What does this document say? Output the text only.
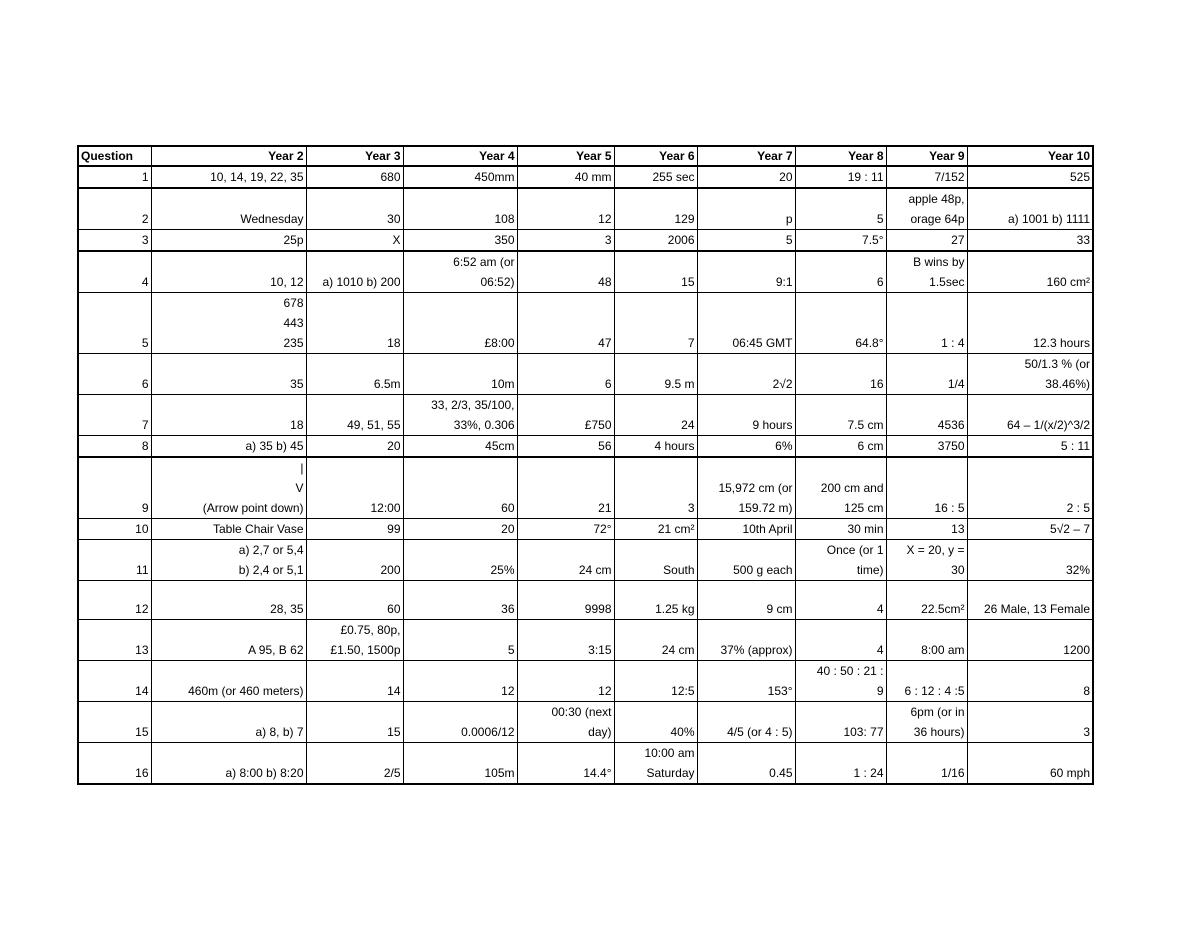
Question	Year 2	Year 3	Year 4	Year 5	Year 6	Year 7	Year 8	Year 9	Year 10
1	10, 14, 19, 22, 35	680	450mm	40 mm	255 sec	20	19 : 11	7/152	525
2	Wednesday	30	108	12	129	p	5	apple 48p,
orage 64p	a) 1001 b) 1111
3	25p	X	350	3	2006	5	7.5°	27	33
4	10, 12	a) 1010 b) 200	6:52 am (or
06:52)	48	15	9:1	6	B wins by
1.5sec	160 cm²
5	678
443
235	18	£8:00	47	7	06:45 GMT	64.8°	1 : 4	12.3 hours
6	35	6.5m	10m	6	9.5 m	2√2	16	1/4	50/1.3 % (or
38.46%)
7	18	49, 51, 55	33, 2/3, 35/100,
33%, 0.306	£750	24	9 hours	7.5 cm	4536	64 – 1/(x/2)^3/2
8	a) 35 b) 45	20	45cm	56	4 hours	6%	6 cm	3750	5 : 11
9	|
V
(Arrow point down)	12:00	60	21	3	15,972 cm (or
159.72 m)	200 cm and
125 cm	16 : 5	2 : 5
10	Table Chair Vase	99	20	72°	21 cm²	10th April	30 min	13	5√2 – 7
11	a) 2,7 or 5,4
b) 2,4 or 5,1	200	25%	24 cm	South	500 g each	Once (or 1
time)	X = 20, y =
30	32%
12	28, 35	60	36	9998	1.25 kg	9 cm	4	22.5cm²	26 Male, 13 Female
13	A 95, B 62	£0.75, 80p,
£1.50, 1500p	5	3:15	24 cm	37% (approx)	4	8:00 am	1200
14	460m (or 460 meters)	14	12	12	12:5	153°	40 : 50 : 21 :
9	6 : 12 : 4 :5	8
15	a) 8, b) 7	15	0.0006/12	00:30 (next
day)	40%	4/5 (or 4 : 5)	103: 77	6pm (or in
36 hours)	3
16	a) 8:00 b) 8:20	2/5	105m	14.4°	10:00 am
Saturday	0.45	1 : 24	1/16	60 mph
